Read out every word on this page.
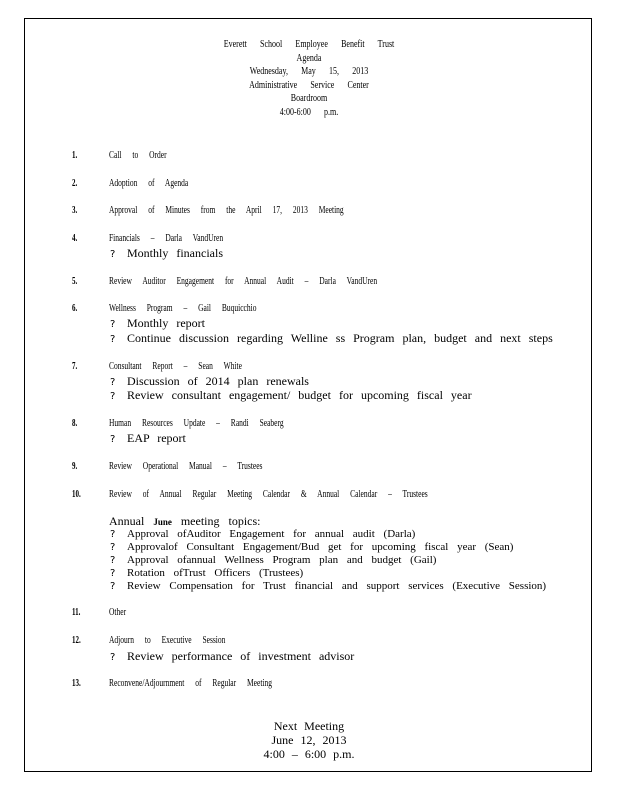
Everett School Employee Benefit Trust
Agenda
Wednesday, May 15, 2013
Administrative Service Center
Boardroom
4:00-6:00 p.m.
1.	Call to Order
2.	Adoption of Agenda
3.	Approval of Minutes from the April 17, 2013 Meeting
4.	Financials – Darla VandUren
? Monthly financials
5.	Review Auditor Engagement for Annual Audit – Darla VandUren
6.	Wellness Program – Gail Buquicchio
? Monthly report
? Continue discussion regarding Welline ss Program plan, budget and next steps
7.	Consultant Report – Sean White
? Discussion of 2014 plan renewals
? Review consultant engagement/ budget for upcoming fiscal year
8.	Human Resources Update – Randi Seaberg
? EAP report
9.	Review Operational Manual – Trustees
10.	Review of Annual Regular Meeting Calendar & Annual Calendar – Trustees
Annual June meeting topics:
? Approval ofAuditor Engagement for annual audit (Darla)
? Approvalof Consultant Engagement/Bud get for upcoming fiscal year (Sean)
? Approval ofannual Wellness Program plan and budget (Gail)
? Rotation ofTrust Officers (Trustees)
? Review Compensation for Trust financial and support services (Executive Session)
11.	Other
12.	Adjourn to Executive Session
? Review performance of investment advisor
13.	Reconvene/Adjournment of Regular Meeting
Next Meeting
June 12, 2013
4:00 – 6:00 p.m.
